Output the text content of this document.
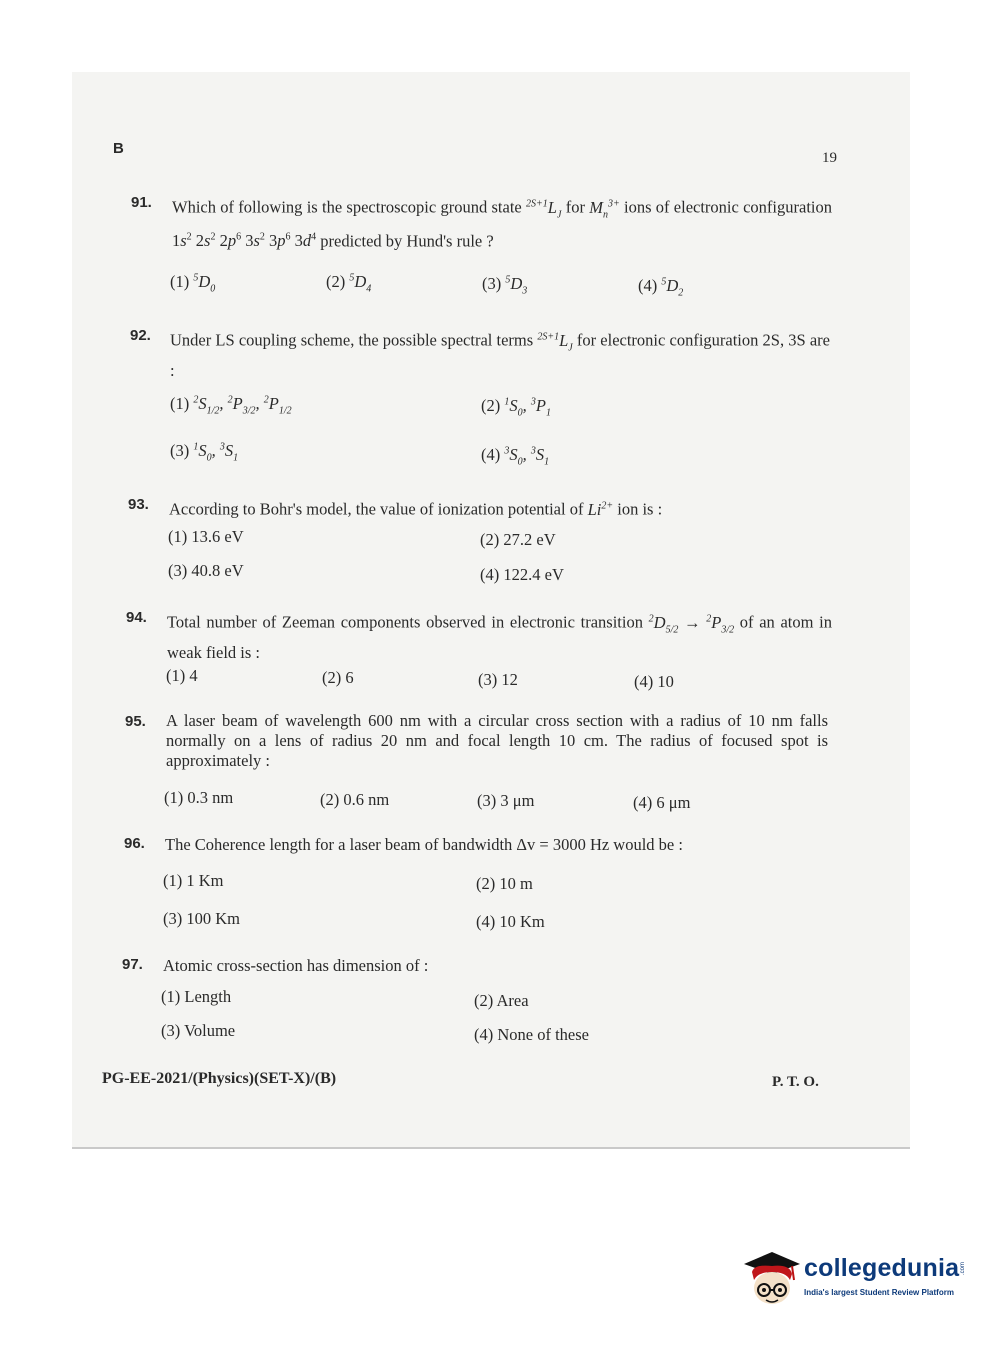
B
19
91. Which of following is the spectroscopic ground state $^{2S+1}L_J$ for $M_n^{3+}$ ions of electronic configuration $1s^2$ $2s^2$ $2p^6$ $3s^2$ $3p^6$ $3d^4$ predicted by Hund's rule ?
(1) $^5D_0$	(2) $^5D_4$	(3) $^5D_3$	(4) $^5D_2$
92. Under LS coupling scheme, the possible spectral terms $^{2S+1}L_J$ for electronic configuration 2S, 3S are :
(1) $^2S_{1/2}$, $^2P_{3/2}$, $^2P_{1/2}$	(2) $^1S_0$, $^3P_1$
(3) $^1S_0$, $^3S_1$	(4) $^3S_0$, $^3S_1$
93. According to Bohr's model, the value of ionization potential of $Li^{2+}$ ion is :
(1) 13.6 eV	(2) 27.2 eV
(3) 40.8 eV	(4) 122.4 eV
94. Total number of Zeeman components observed in electronic transition $^2D_{5/2} \to ^2P_{3/2}$ of an atom in weak field is :
(1) 4	(2) 6	(3) 12	(4) 10
95. A laser beam of wavelength 600 nm with a circular cross section with a radius of 10 nm falls normally on a lens of radius 20 nm and focal length 10 cm. The radius of focused spot is approximately :
(1) 0.3 nm	(2) 0.6 nm	(3) 3 μm	(4) 6 μm
96. The Coherence length for a laser beam of bandwidth Δv = 3000 Hz would be :
(1) 1 Km	(2) 10 m
(3) 100 Km	(4) 10 Km
97. Atomic cross-section has dimension of :
(1) Length	(2) Area
(3) Volume	(4) None of these
PG-EE-2021/(Physics)(SET-X)/(B)	P. T. O.
collegedunia .com
India's largest Student Review Platform
